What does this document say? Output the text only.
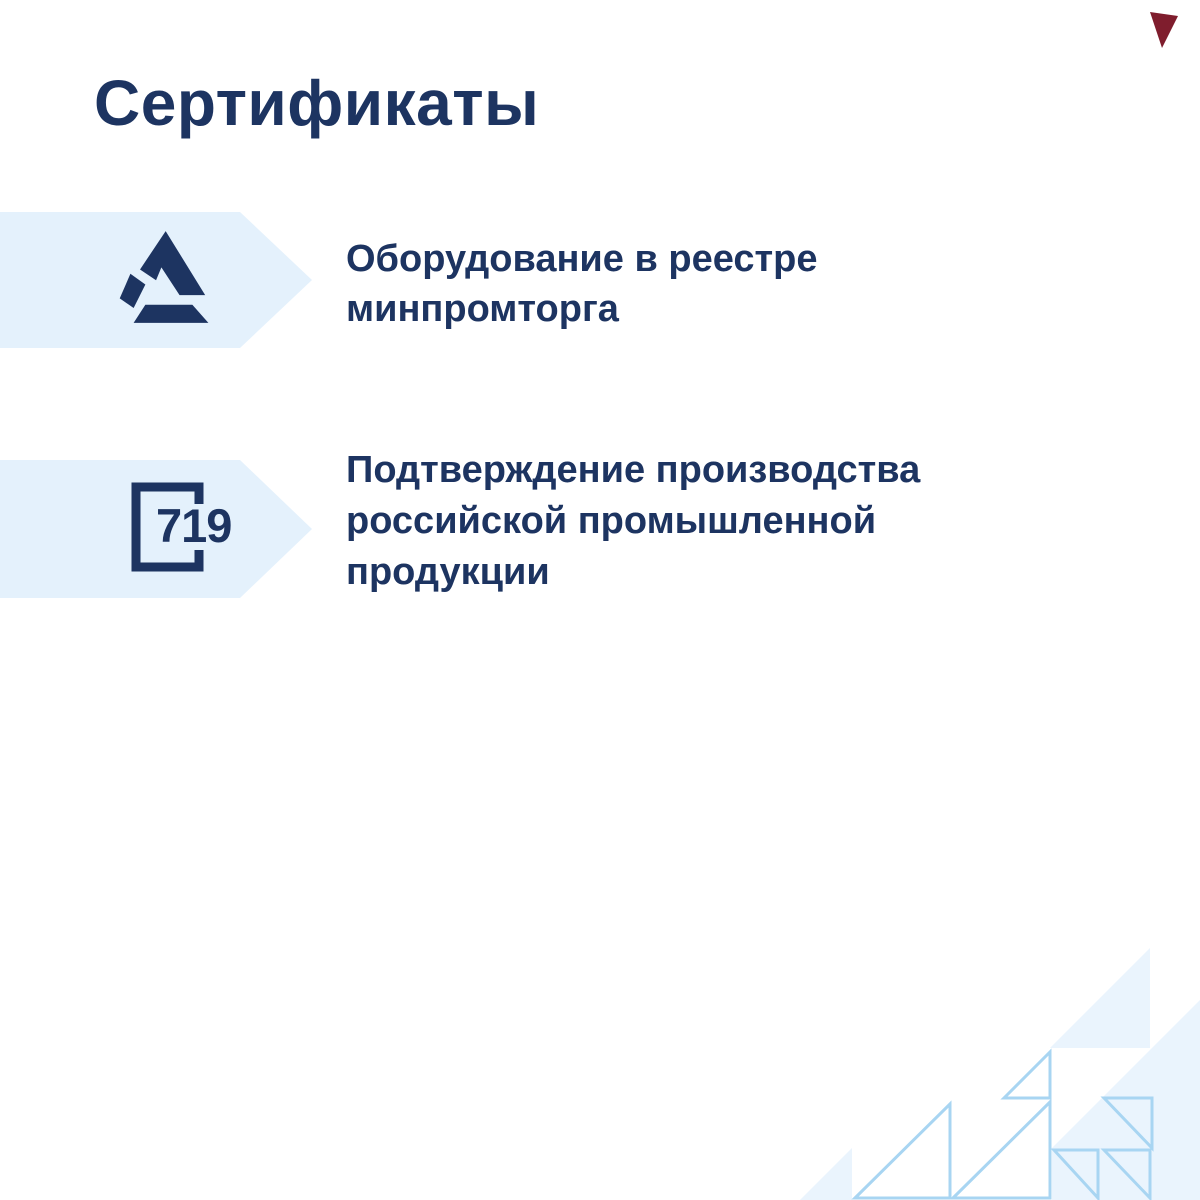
Сертификаты
Оборудование в реестре
минпромторга
719
Подтверждение производства
российской промышленной
продукции
